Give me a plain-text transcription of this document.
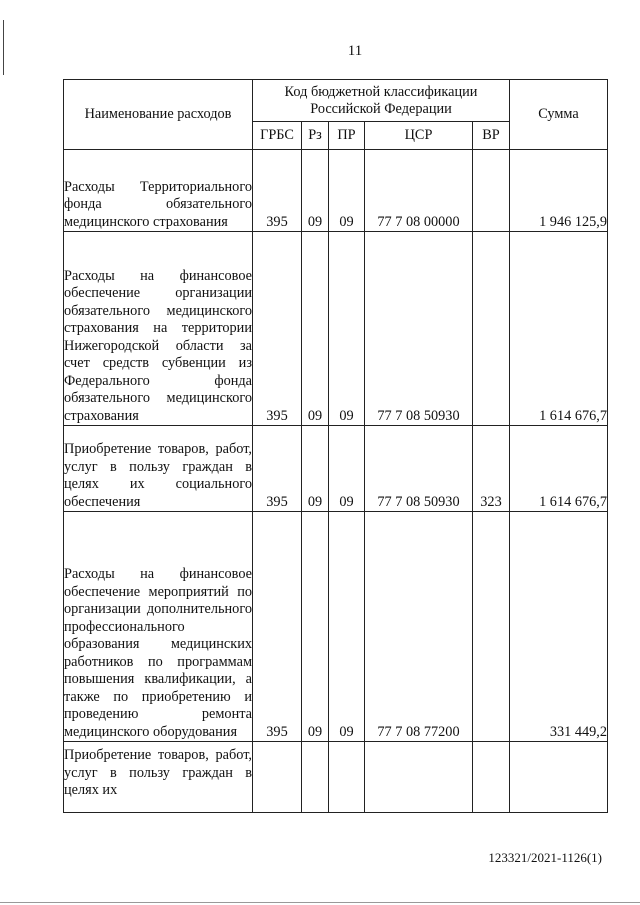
11
Наименование расходов	Код бюджетной классификации Российской Федерации					Сумма
	ГРБС	Рз	ПР	ЦСР	ВР	
Расходы Территориального фонда обязательного медицинского страхования	395	09	09	77 7 08 00000		1 946 125,9
Расходы на финансовое обеспечение организации обязательного медицинского страхования на территории Нижегородской области за счет средств субвенции из Федерального фонда обязательного медицинского страхования	395	09	09	77 7 08 50930		1 614 676,7
Приобретение товаров, работ, услуг в пользу граждан в целях их социального обеспечения	395	09	09	77 7 08 50930	323	1 614 676,7
Расходы на финансовое обеспечение мероприятий по организации дополнительного профессионального образования медицинских работников по программам повышения квалификации, а также по приобретению и проведению ремонта медицинского оборудования	395	09	09	77 7 08 77200		331 449,2
Приобретение товаров, работ, услуг в пользу граждан в целях их						
123321/2021-1126(1)
